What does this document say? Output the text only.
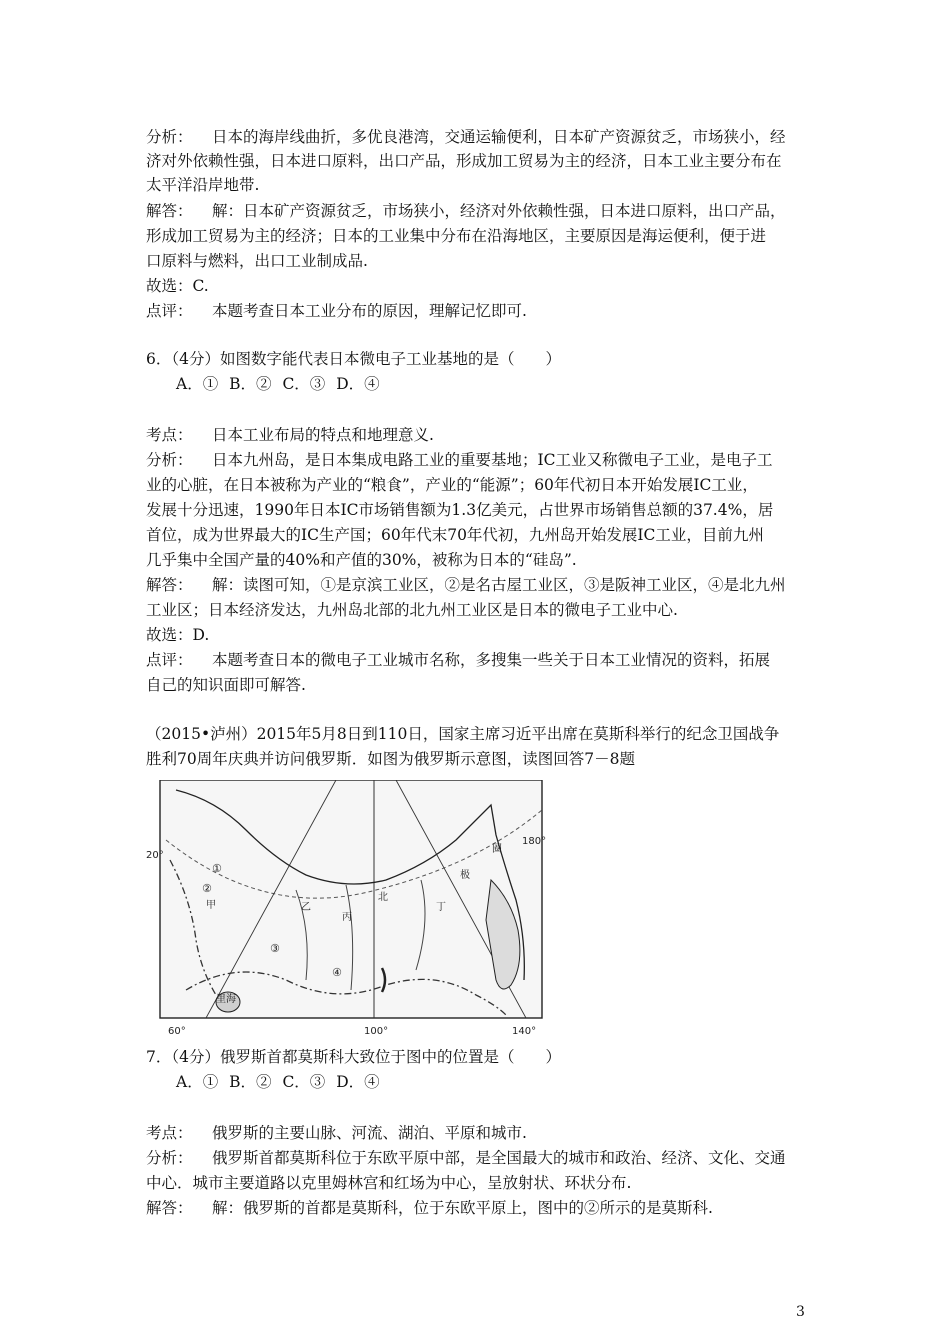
分析： 日本的海岸线曲折，多优良港湾，交通运输便利，日本矿产资源贫乏，市场狭小，经
济对外依赖性强，日本进口原料，出口产品，形成加工贸易为主的经济，日本工业主要分布在
太平洋沿岸地带.
解答： 解：日本矿产资源贫乏，市场狭小，经济对外依赖性强，日本进口原料，出口产品，
形成加工贸易为主的经济；日本的工业集中分布在沿海地区，主要原因是海运便利，便于进
口原料与燃料，出口工业制成品.
故选：C.
点评： 本题考查日本工业分布的原因，理解记忆即可.
6．（4分）如图数字能代表日本微电子工业基地的是（　　）
A．① B．② C．③ D．④
考点： 日本工业布局的特点和地理意义.
分析： 日本九州岛，是日本集成电路工业的重要基地；IC工业又称微电子工业，是电子工
业的心脏，在日本被称为产业的“粮食”，产业的“能源”；60年代初日本开始发展IC工业，
发展十分迅速，1990年日本IC市场销售额为1.3亿美元，占世界市场销售总额的37.4%，居
首位，成为世界最大的IC生产国；60年代末70年代初，九州岛开始发展IC工业，目前九州
几乎集中全国产量的40%和产值的30%，被称为日本的“硅岛”.
解答： 解：读图可知，①是京滨工业区，②是名古屋工业区，③是阪神工业区，④是北九州
工业区；日本经济发达，九州岛北部的北九州工业区是日本的微电子工业中心.
故选：D.
点评： 本题考查日本的微电子工业城市名称，多搜集一些关于日本工业情况的资料，拓展
自己的知识面即可解答.
（2015•泸州）2015年5月8日到110日，国家主席习近平出席在莫斯科举行的纪念卫国战争
胜利70周年庆典并访问俄罗斯．如图为俄罗斯示意图，读图回答7－8题
20°
60°	100°	140°
180°
甲	乙
丙
丁
北
极
圈
里海
①
②
③
④
7．（4分）俄罗斯首都莫斯科大致位于图中的位置是（　　）
A．① B．② C．③ D．④
考点： 俄罗斯的主要山脉、河流、湖泊、平原和城市.
分析： 俄罗斯首都莫斯科位于东欧平原中部，是全国最大的城市和政治、经济、文化、交通
中心．城市主要道路以克里姆林宫和红场为中心，呈放射状、环状分布.
解答： 解：俄罗斯的首都是莫斯科，位于东欧平原上，图中的②所示的是莫斯科.
3
